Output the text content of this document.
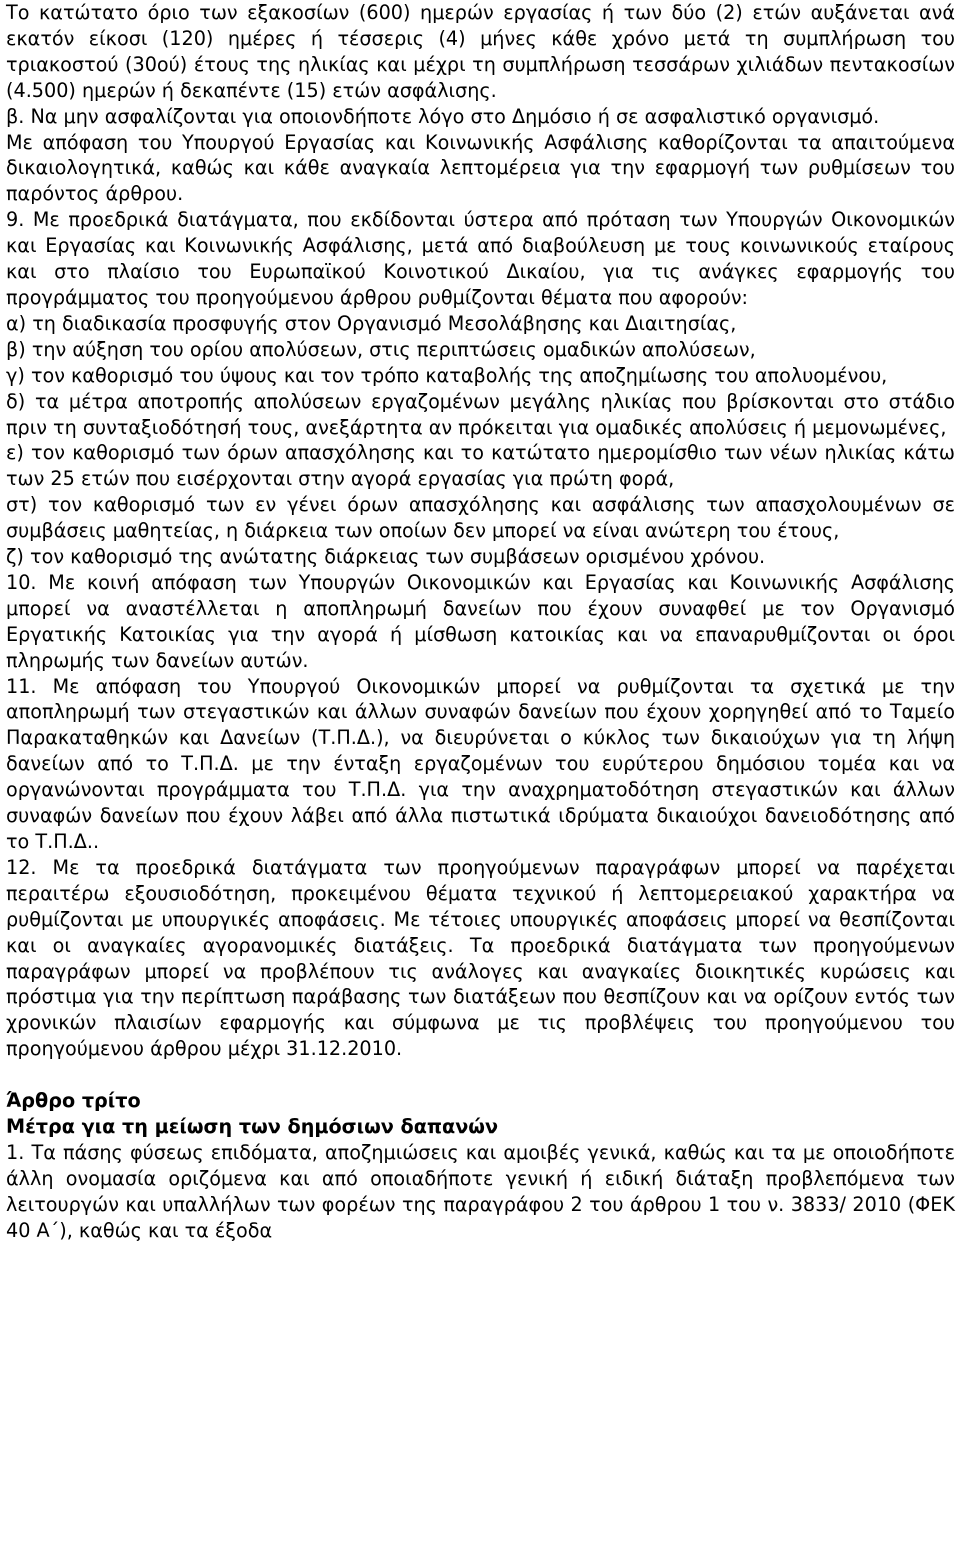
Το κατώτατο όριο των εξακοσίων (600) ημερών εργασίας ή των δύο (2) ετών αυξάνεται ανά εκατόν είκοσι (120) ημέρες ή τέσσερις (4) μήνες κάθε χρόνο μετά τη συμπλήρωση του τριακοστού (30ού) έτους της ηλικίας και μέχρι τη συμπλήρωση τεσσάρων χιλιάδων πεντακοσίων (4.500) ημερών ή δεκαπέντε (15) ετών ασφάλισης.

β. Να μην ασφαλίζονται για οποιονδήποτε λόγο στο Δημόσιο ή σε ασφαλιστικό οργανισμό.

Με απόφαση του Υπουργού Εργασίας και Κοινωνικής Ασφάλισης καθορίζονται τα απαιτούμενα δικαιολογητικά, καθώς και κάθε αναγκαία λεπτομέρεια για την εφαρμογή των ρυθμίσεων του παρόντος άρθρου.

9. Με προεδρικά διατάγματα, που εκδίδονται ύστερα από πρόταση των Υπουργών Οικονομικών και Εργασίας και Κοινωνικής Ασφάλισης, μετά από διαβούλευση με τους κοινωνικούς εταίρους και στο πλαίσιο του Ευρωπαϊκού Κοινοτικού Δικαίου, για τις ανάγκες εφαρμογής του προγράμματος του προηγούμενου άρθρου ρυθμίζονται θέματα που αφορούν:

α) τη διαδικασία προσφυγής στον Οργανισμό Μεσολάβησης και Διαιτησίας,

β) την αύξηση του ορίου απολύσεων, στις περιπτώσεις ομαδικών απολύσεων,

γ) τον καθορισμό του ύψους και τον τρόπο καταβολής της αποζημίωσης του απολυομένου,

δ) τα μέτρα αποτροπής απολύσεων εργαζομένων μεγάλης ηλικίας που βρίσκονται στο στάδιο πριν τη συνταξιοδότησή τους, ανεξάρτητα αν πρόκειται για ομαδικές απολύσεις ή μεμονωμένες,

ε) τον καθορισμό των όρων απασχόλησης και το κατώτατο ημερομίσθιο των νέων ηλικίας κάτω των 25 ετών που εισέρχονται στην αγορά εργασίας για πρώτη φορά,

στ) τον καθορισμό των εν γένει όρων απασχόλησης και ασφάλισης των απασχολουμένων σε συμβάσεις μαθητείας, η διάρκεια των οποίων δεν μπορεί να είναι ανώτερη του έτους,

ζ) τον καθορισμό της ανώτατης διάρκειας των συμβάσεων ορισμένου χρόνου.

10. Με κοινή απόφαση των Υπουργών Οικονομικών και Εργασίας και Κοινωνικής Ασφάλισης μπορεί να αναστέλλεται η αποπληρωμή δανείων που έχουν συναφθεί με τον Οργανισμό Εργατικής Κατοικίας για την αγορά ή μίσθωση κατοικίας και να επαναρυθμίζονται οι όροι πληρωμής των δανείων αυτών.

11. Με απόφαση του Υπουργού Οικονομικών μπορεί να ρυθμίζονται τα σχετικά με την αποπληρωμή των στεγαστικών και άλλων συναφών δανείων που έχουν χορηγηθεί από το Ταμείο Παρακαταθηκών και Δανείων (Τ.Π.Δ.), να διευρύνεται ο κύκλος των δικαιούχων για τη λήψη δανείων από το Τ.Π.Δ. με την ένταξη εργαζομένων του ευρύτερου δημόσιου τομέα και να οργανώνονται προγράμματα του Τ.Π.Δ. για την αναχρηματοδότηση στεγαστικών και άλλων συναφών δανείων που έχουν λάβει από άλλα πιστωτικά ιδρύματα δικαιούχοι δανειοδότησης από το Τ.Π.Δ..

12. Με τα προεδρικά διατάγματα των προηγούμενων παραγράφων μπορεί να παρέχεται περαιτέρω εξουσιοδότηση, προκειμένου θέματα τεχνικού ή λεπτομερειακού χαρακτήρα να ρυθμίζονται με υπουργικές αποφάσεις. Με τέτοιες υπουργικές αποφάσεις μπορεί να θεσπίζονται και οι αναγκαίες αγορανομικές διατάξεις. Τα προεδρικά διατάγματα των προηγούμενων παραγράφων μπορεί να προβλέπουν τις ανάλογες και αναγκαίες διοικητικές κυρώσεις και πρόστιμα για την περίπτωση παράβασης των διατάξεων που θεσπίζουν και να ορίζουν εντός των χρονικών πλαισίων εφαρμογής και σύμφωνα με τις προβλέψεις του προηγούμενου του προηγούμενου άρθρου μέχρι 31.12.2010.

Άρθρο τρίτο

Μέτρα για τη μείωση των δημόσιων δαπανών

1. Τα πάσης φύσεως επιδόματα, αποζημιώσεις και αμοιβές γενικά, καθώς και τα με οποιοδήποτε άλλη ονομασία οριζόμενα και από οποιαδήποτε γενική ή ειδική διάταξη προβλεπόμενα των λειτουργών και υπαλλήλων των φορέων της παραγράφου 2 του άρθρου 1 του ν. 3833/ 2010 (ΦΕΚ 40 Α΄), καθώς και τα έξοδα
